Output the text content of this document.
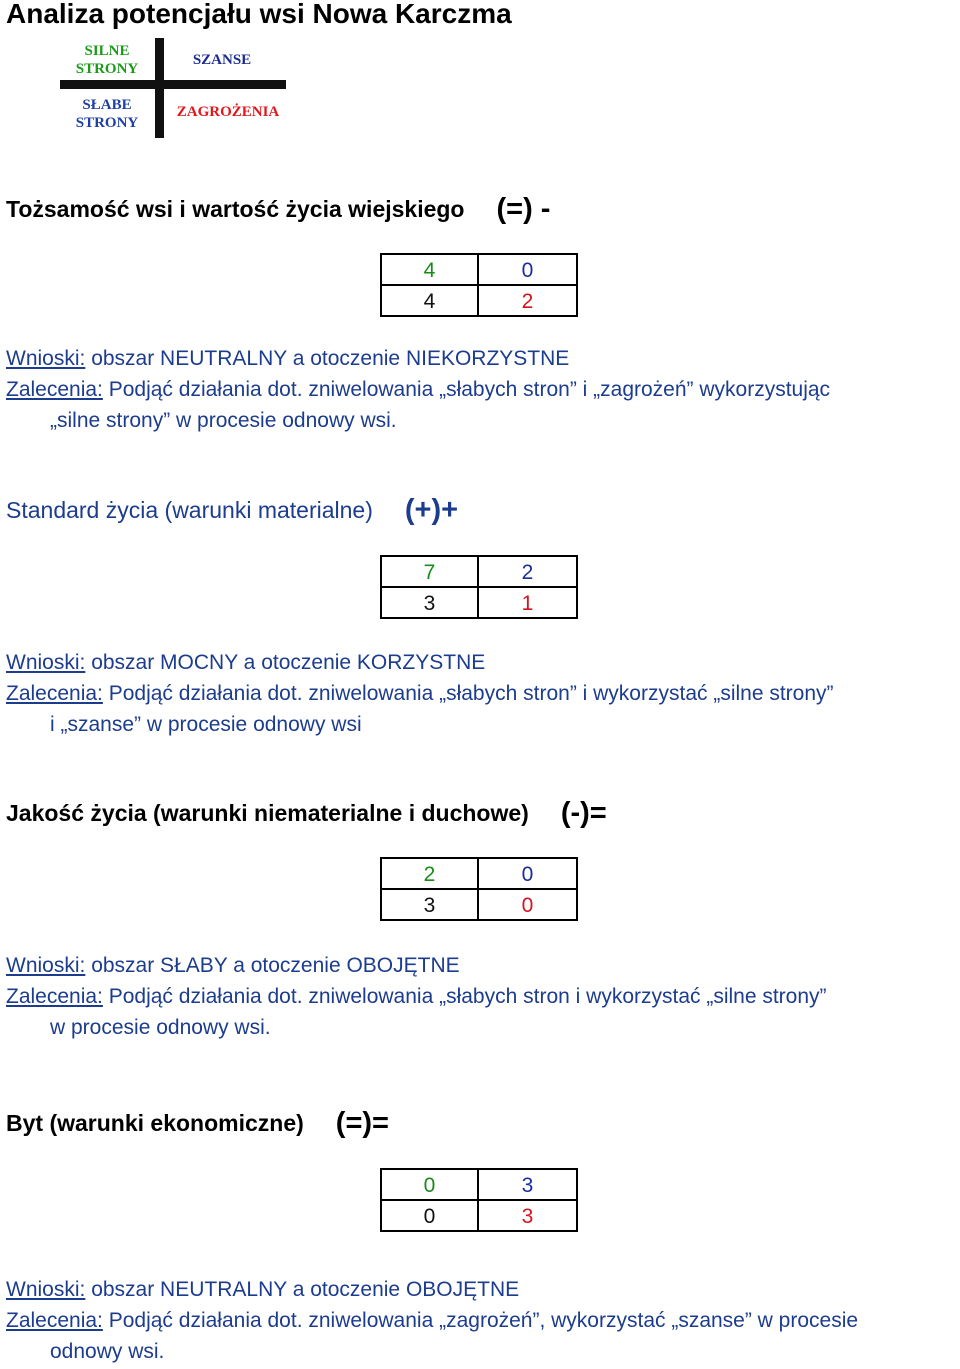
Analiza potencjału wsi Nowa Karczma
SILNE STRONY
SZANSE
SŁABE STRONY
ZAGROŻENIA
Tożsamość wsi i wartość życia wiejskiego (=) -
4	0
4	2
Wnioski: obszar NEUTRALNY a otoczenie NIEKORZYSTNE
Zalecenia: Podjąć działania dot. zniwelowania „słabych stron” i „zagrożeń” wykorzystując
„silne strony” w procesie odnowy wsi.
Standard życia (warunki materialne) (+)+
7	2
3	1
Wnioski: obszar MOCNY a otoczenie KORZYSTNE
Zalecenia: Podjąć działania dot. zniwelowania „słabych stron” i wykorzystać „silne strony”
i „szanse” w procesie odnowy wsi
Jakość życia (warunki niematerialne i duchowe) (-)=
2	0
3	0
Wnioski: obszar SŁABY a otoczenie OBOJĘTNE
Zalecenia: Podjąć działania dot. zniwelowania „słabych stron i wykorzystać „silne strony”
w procesie odnowy wsi.
Byt (warunki ekonomiczne) (=)=
0	3
0	3
Wnioski: obszar NEUTRALNY a otoczenie OBOJĘTNE
Zalecenia: Podjąć działania dot. zniwelowania „zagrożeń”, wykorzystać „szanse” w procesie
odnowy wsi.
